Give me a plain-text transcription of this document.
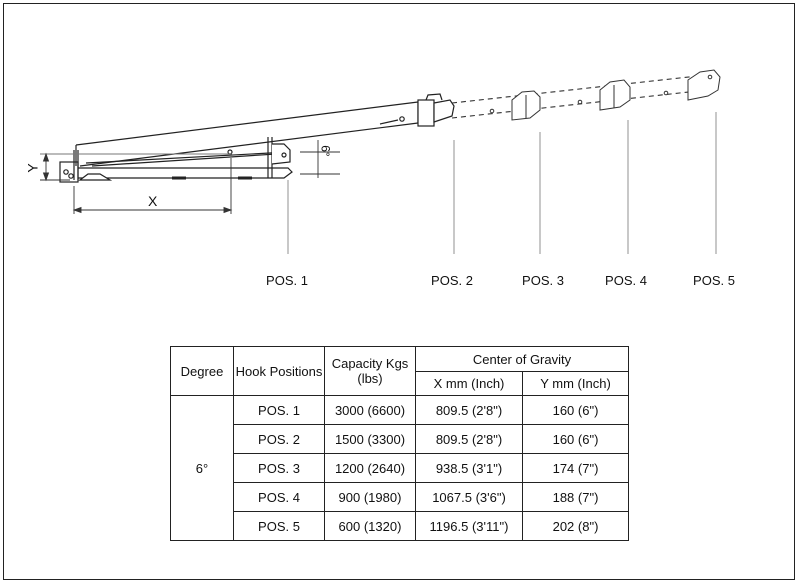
X
Y
6°
POS. 1	POS. 2	POS. 3	POS. 4	POS. 5
Degree	Hook Positions	Capacity Kgs (lbs)	Center of Gravity	
			X mm (Inch)	Y mm (Inch)
6°	POS. 1	3000 (6600)	809.5 (2'8")	160 (6")
	POS. 2	1500 (3300)	809.5 (2'8")	160 (6")
	POS. 3	1200 (2640)	938.5 (3'1")	174 (7")
	POS. 4	900 (1980)	1067.5 (3'6")	188 (7")
	POS. 5	600 (1320)	1196.5 (3'11")	202 (8")
